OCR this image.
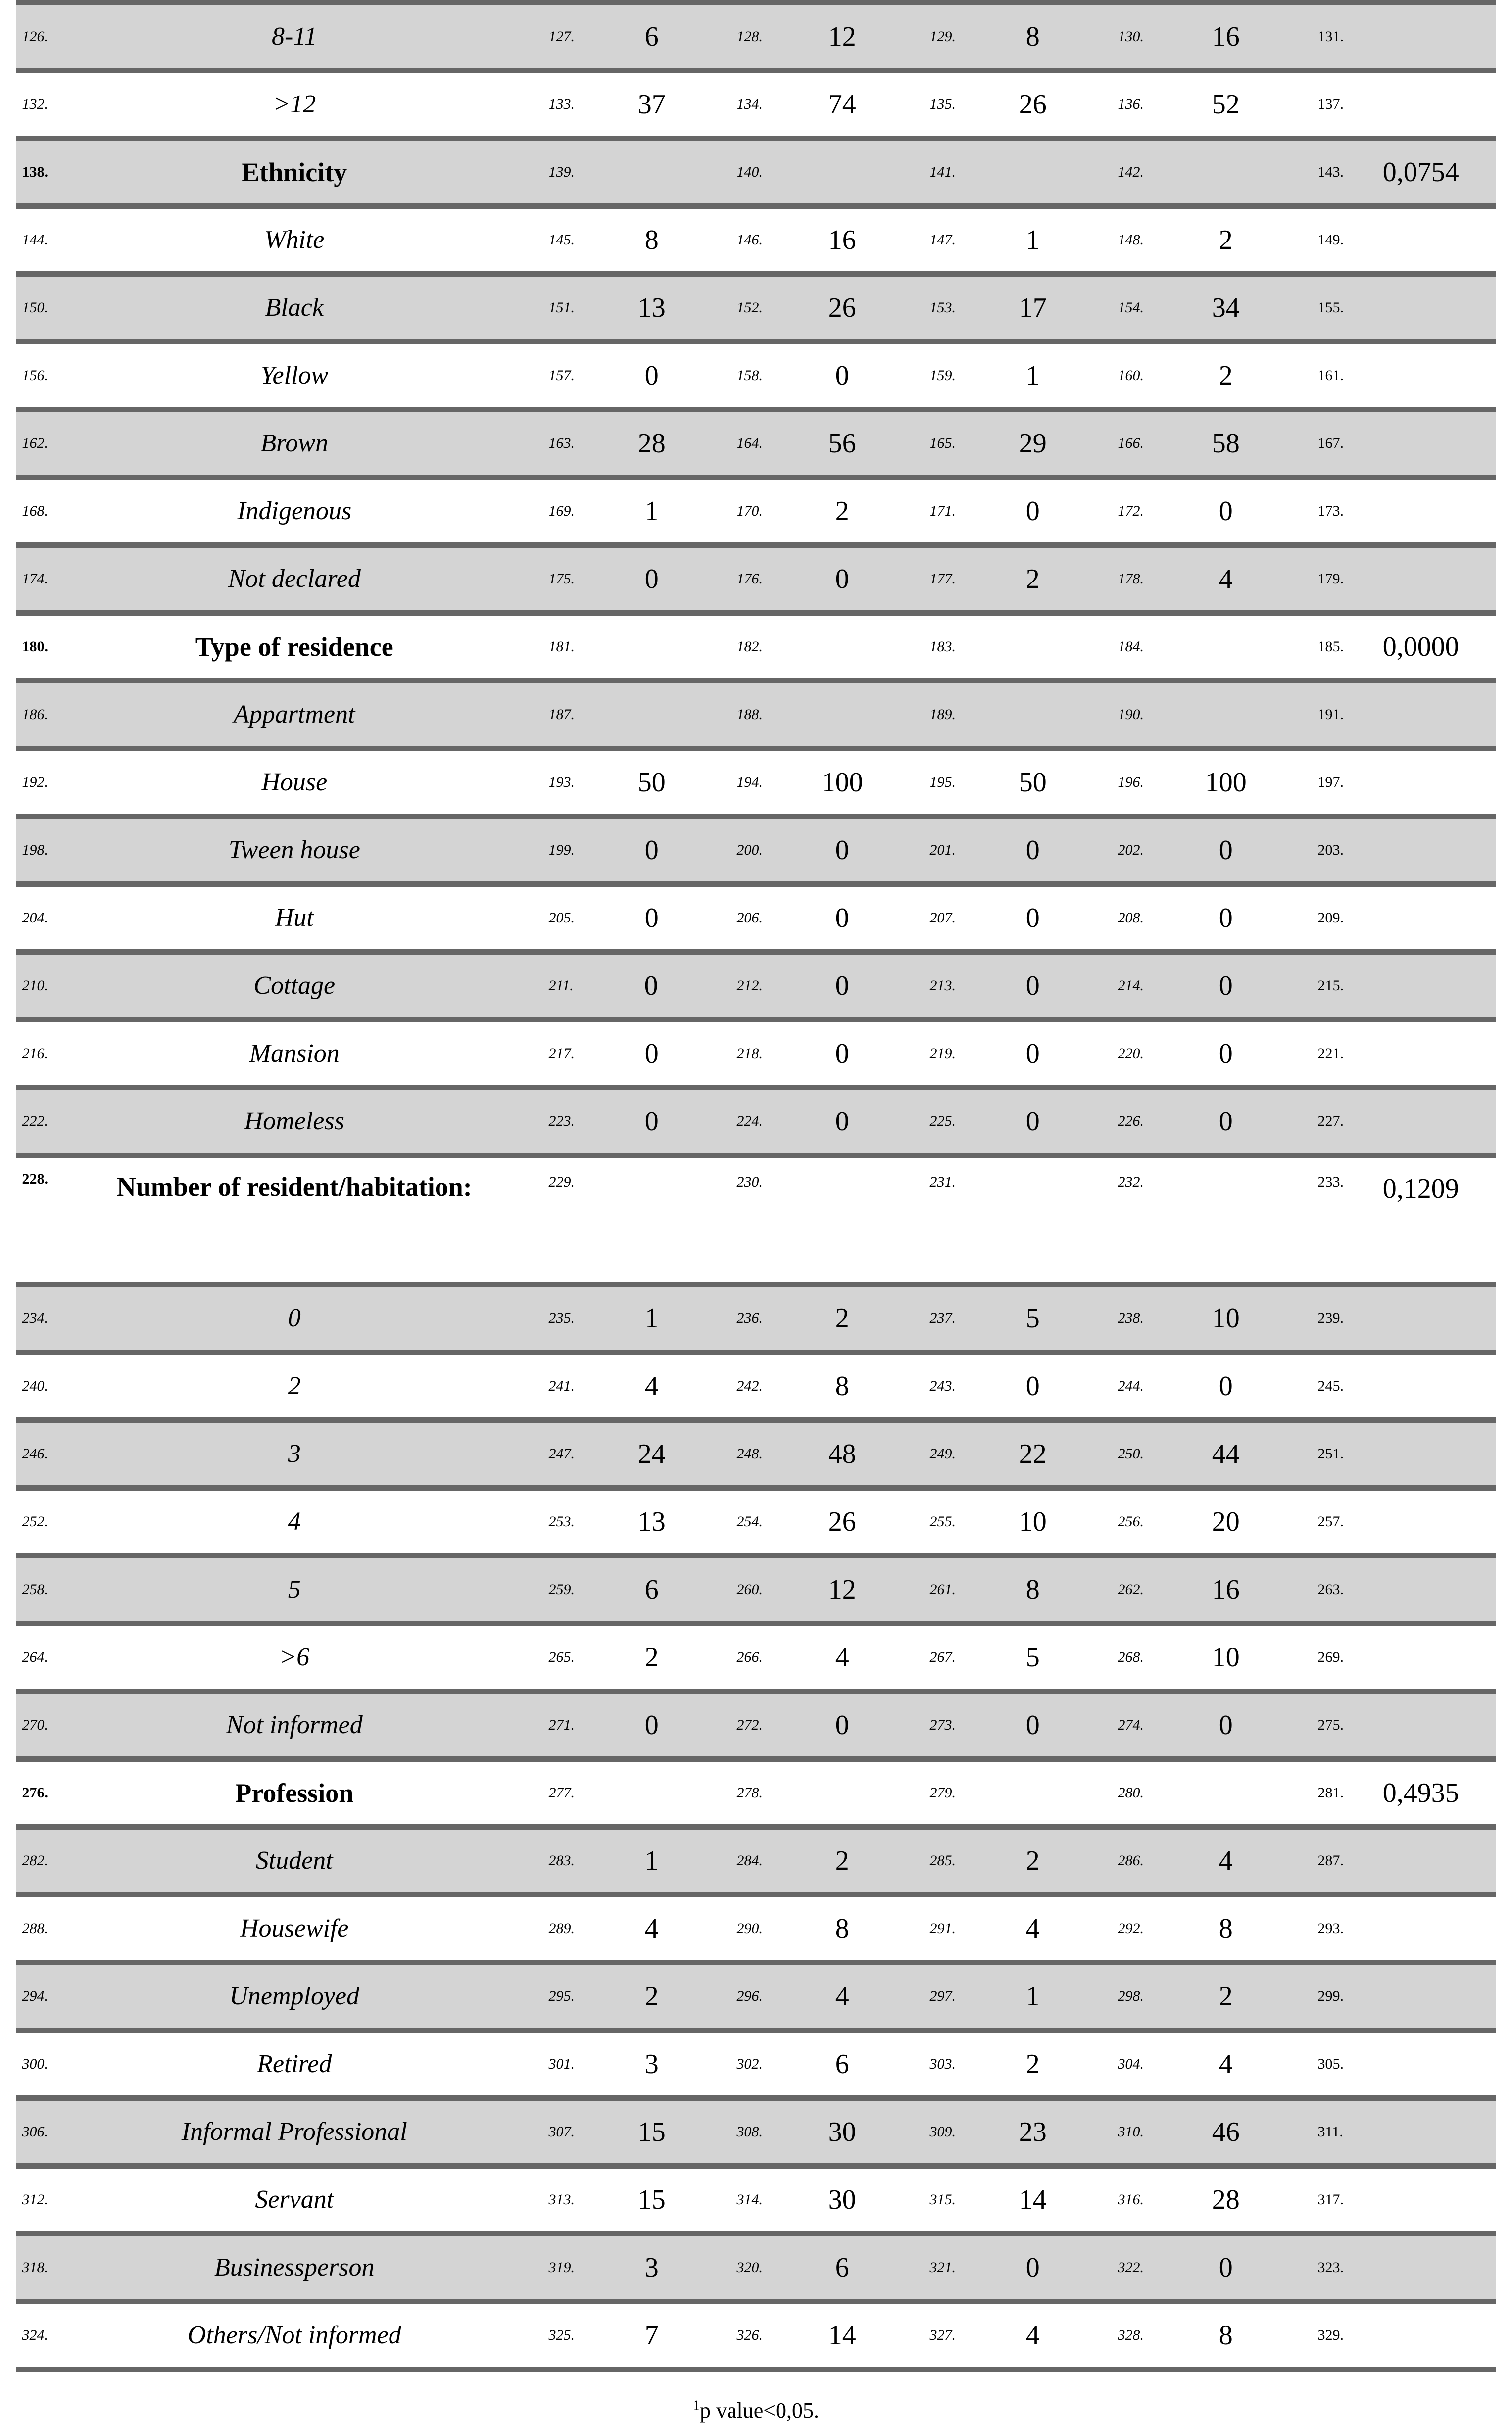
126. 8-11	127. 6	128. 12	129. 8	130. 16	131.

132. >12	133. 37	134. 74	135. 26	136. 52	137.

138. Ethnicity	139.	140.	141.	142.	143. 0,0754

144. White	145. 8	146. 16	147. 1	148. 2	149.

150. Black	151. 13	152. 26	153. 17	154. 34	155.

156. Yellow	157. 0	158. 0	159. 1	160. 2	161.

162. Brown	163. 28	164. 56	165. 29	166. 58	167.

168. Indigenous	169. 1	170. 2	171. 0	172. 0	173.

174. Not declared	175. 0	176. 0	177. 2	178. 4	179.

180. Type of residence	181.	182.	183.	184.	185. 0,0000

186. Appartment	187.	188.	189.	190.	191.

192. House	193. 50	194. 100	195. 50	196. 100	197.

198. Tween house	199. 0	200. 0	201. 0	202. 0	203.

204. Hut	205. 0	206. 0	207. 0	208. 0	209.

210. Cottage	211. 0	212. 0	213. 0	214. 0	215.

216. Mansion	217. 0	218. 0	219. 0	220. 0	221.

222. Homeless	223. 0	224. 0	225. 0	226. 0	227.

228. Number of resident/habitation:	229.	230.	231.	232.	233. 0,1209

234. 0	235. 1	236. 2	237. 5	238. 10	239.

240. 2	241. 4	242. 8	243. 0	244. 0	245.

246. 3	247. 24	248. 48	249. 22	250. 44	251.

252. 4	253. 13	254. 26	255. 10	256. 20	257.

258. 5	259. 6	260. 12	261. 8	262. 16	263.

264. >6	265. 2	266. 4	267. 5	268. 10	269.

270. Not informed	271. 0	272. 0	273. 0	274. 0	275.

276. Profession	277.	278.	279.	280.	281. 0,4935

282. Student	283. 1	284. 2	285. 2	286. 4	287.

288. Housewife	289. 4	290. 8	291. 4	292. 8	293.

294. Unemployed	295. 2	296. 4	297. 1	298. 2	299.

300. Retired	301. 3	302. 6	303. 2	304. 4	305.

306. Informal Professional	307. 15	308. 30	309. 23	310. 46	311.

312. Servant	313. 15	314. 30	315. 14	316. 28	317.

318. Businessperson	319. 3	320. 6	321. 0	322. 0	323.

324. Others/Not informed	325. 7	326. 14	327. 4	328. 8	329.

$^1$p value<0,05.
